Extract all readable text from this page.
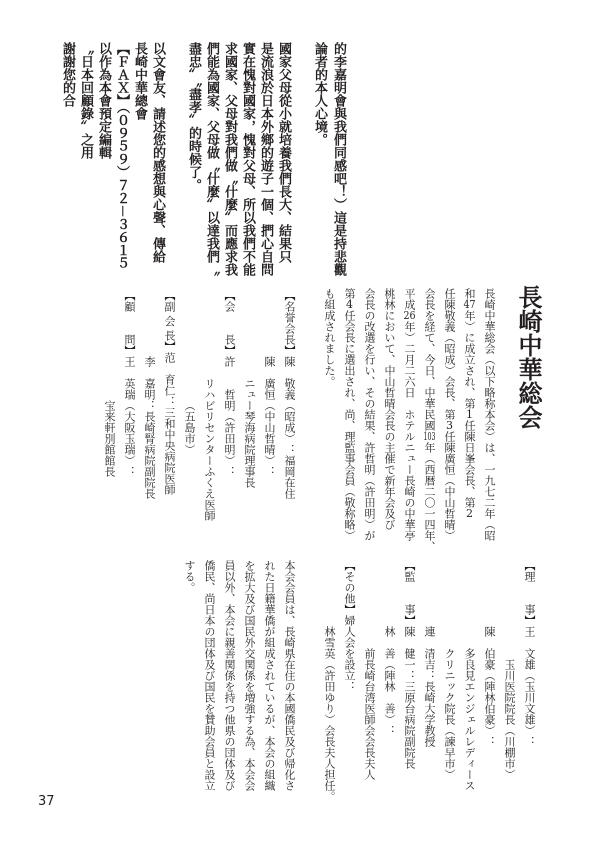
的李嘉明會與我們同感吧！）這是持悲觀
論者的本人心境。
國家父母從小就培養我們長大、結果只
是流浪於日本外鄉的遊子一個、捫心自問
實在愧對國家，愧對父母、所以我們不能
求國家、父母對我們做〝什麼〟而應求我
們能為國家、父母做〝什麼〟以達我們〝
盡忠〟〝盡孝〟的時候了。
以文會友、請述您的感想與心聲、傳給
長崎中華總會
【ＦＡＸ】（０９５９）７２－３６１５
以作為本會預定編輯
〝日本回顧錄〟之用
謝謝您的合
長崎中華総会
長崎中華総会（以下略称本会）は、一九七二年（昭
和47年）に成立され、第1任陳日峯会長、第2
任陳敬義（昭成）会長、第3任陳廣恒（中山哲晴）
会長を経て、今日、中華民國103年（西暦二〇一四年、
平成26年）二月二六日　ホテルニュー長崎の中華亭
桃林において、中山哲晴会長の主催で新年会及び
会長の改選を行い、その結果、許哲明（許田明）が
第4任会長に選出され、尚、理監事会員（敬称略）
も組成されました。
【名誉会長】陳　敬義（昭成）：福岡在住
陳　廣恒（中山哲晴）：
ニュー琴海病院理事長
【会　　長】許　　哲明（許田明）：
リハビリセンターふくえ医師
（五島市）
【副 会 長】范　育仁：三和中央病院医師
李　嘉明：長崎腎病院副院長
【顧　　問】王　英瑞（大阪玉瑞）：
宝来軒別館館長
【理　　事】王　文雄（玉川文雄）：
玉川医院院長（川棚市）
陳　伯豪（陣林伯豪）：
多良見エンジェルレディース
クリニック院長（諫早市）
連　清吉：長崎大学教授
【監　　事】陳　健一：三原台病院副院長
林　善（陣林　善）：
前長崎台湾医師会会長夫人
【その他】婦人会を設立：
林雪英（許田ゆり）会長夫人担任。
本会会員は、長崎県在住の本國僑民及び帰化さ
れた日籍華僑が組成されているが、本会の組織
を拡大及び国民外交関係を増強する為、本会会
員以外、本会に親善関係を持つ他県の団体及び
僑民、尚日本の団体及び国民を賛助会員と設立
する。
37
